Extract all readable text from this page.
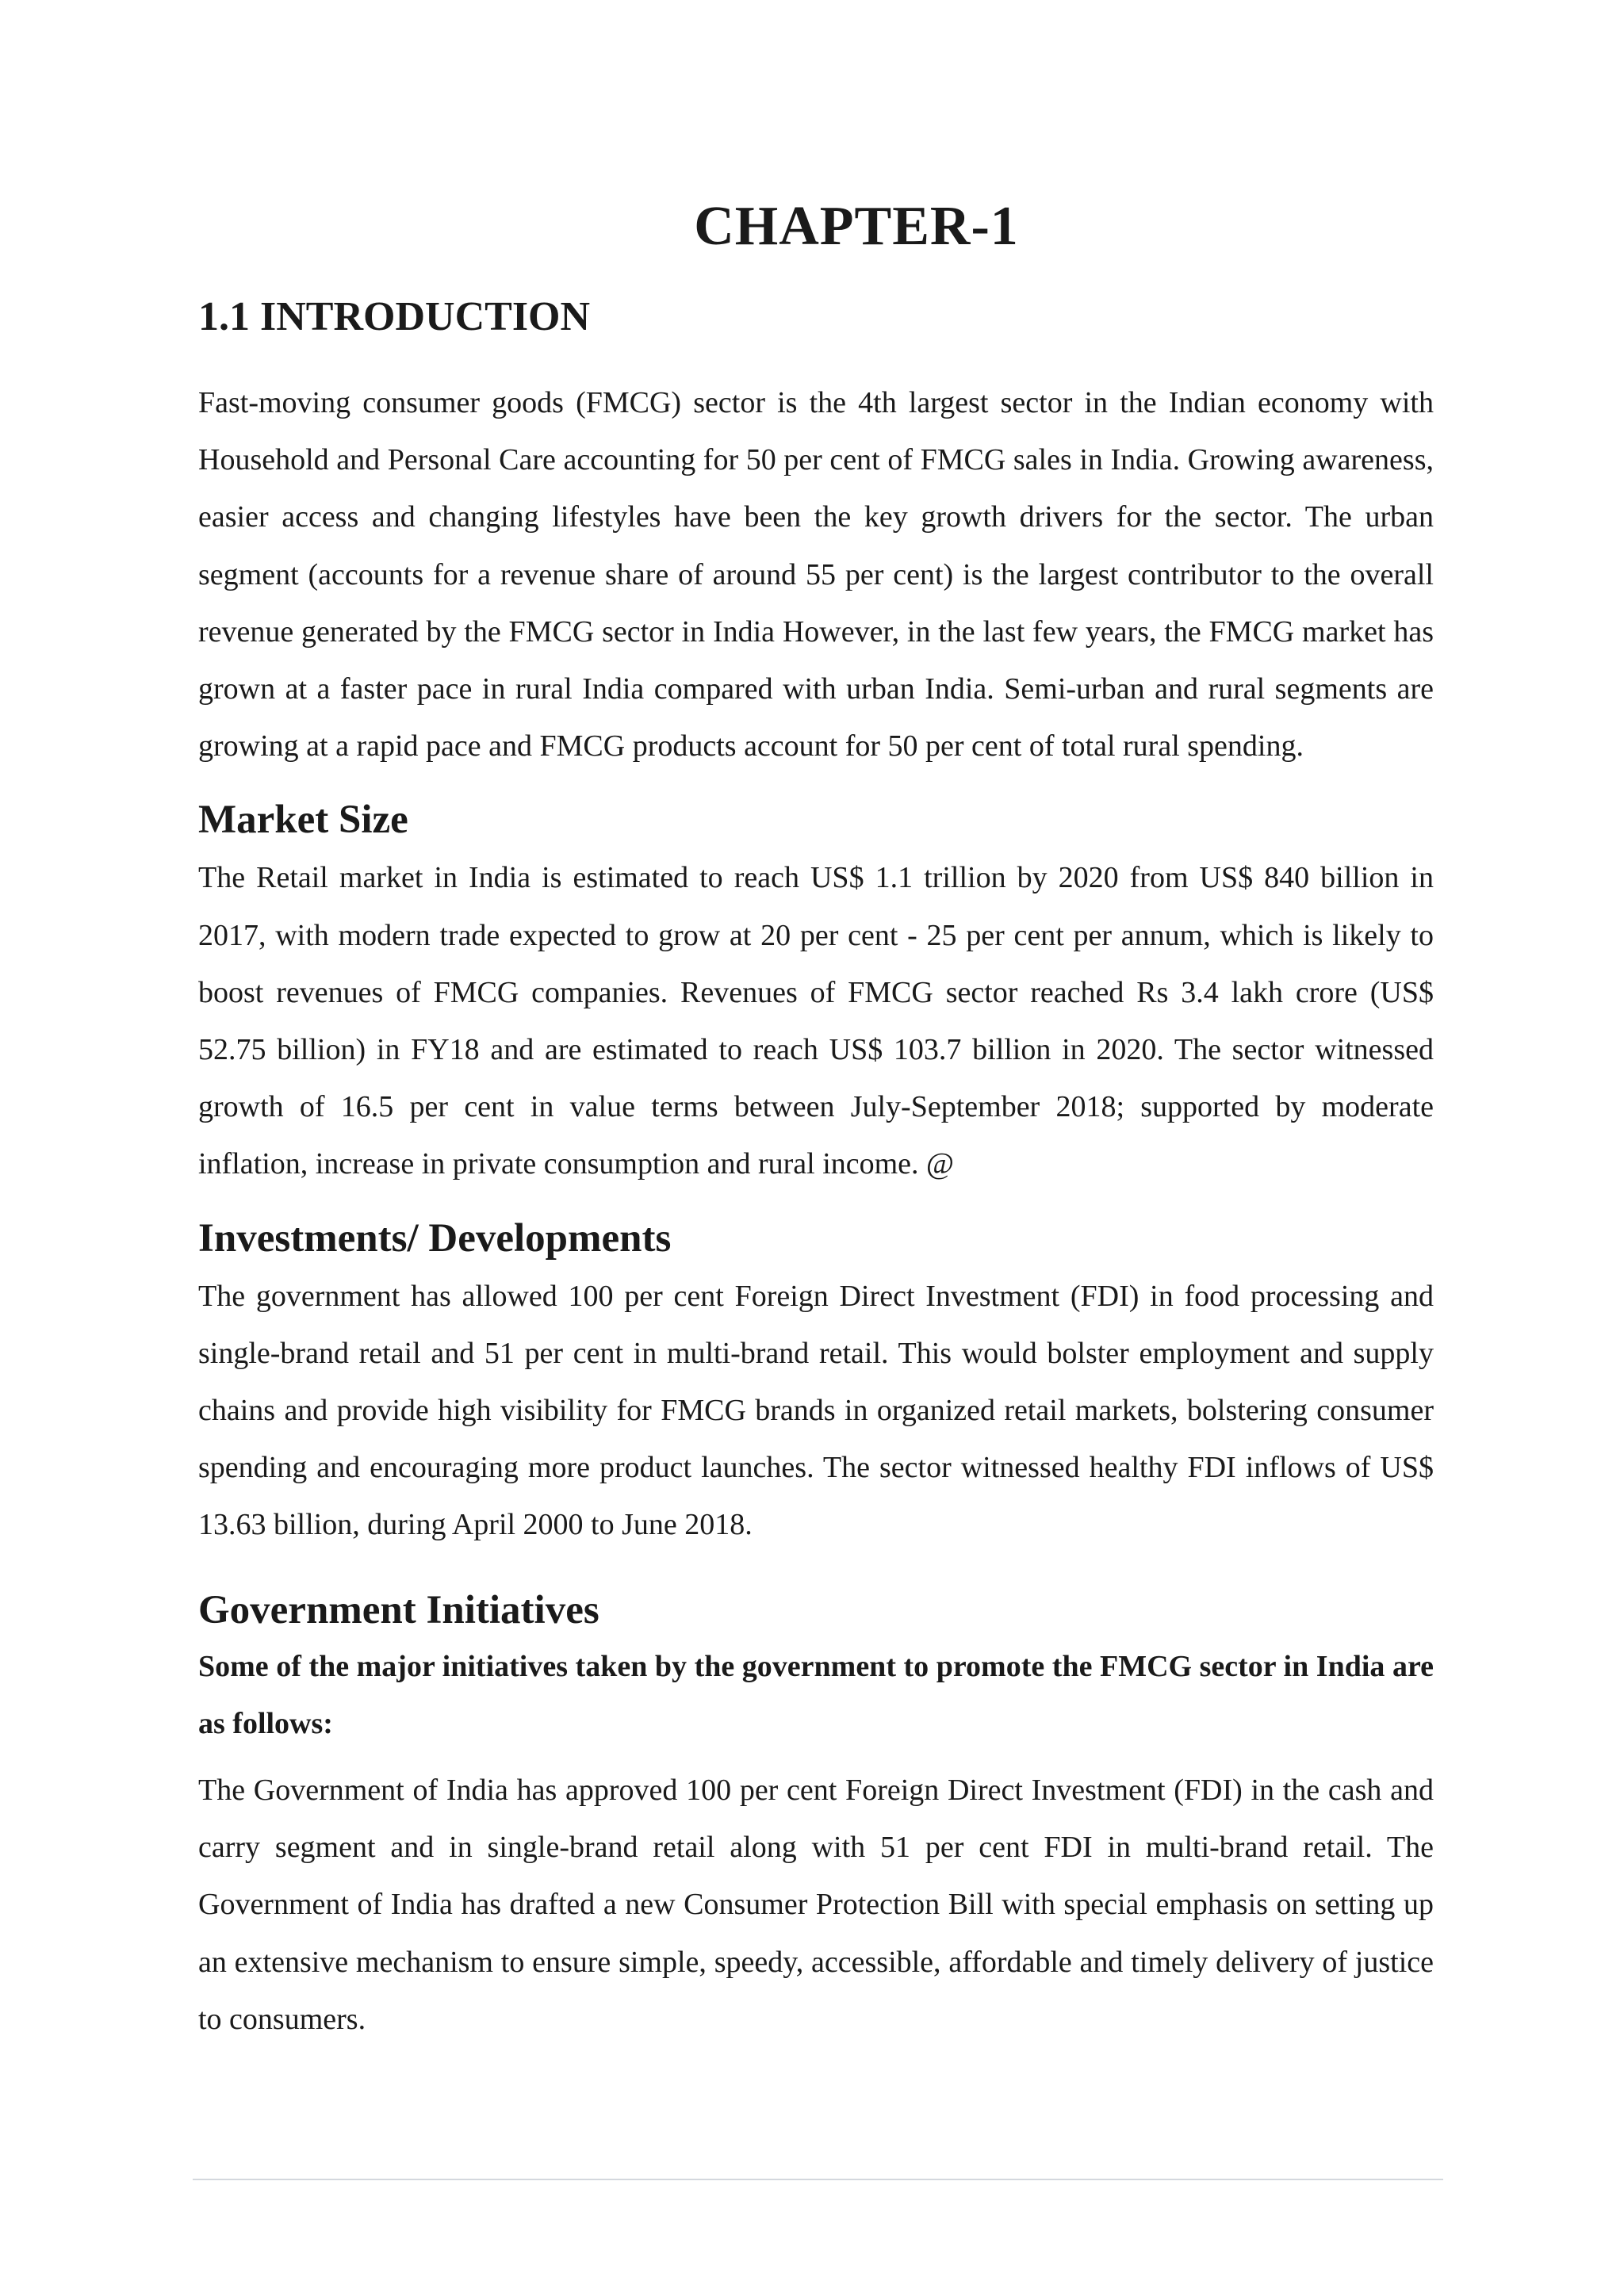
CHAPTER-1
1.1 INTRODUCTION

Fast-moving consumer goods (FMCG) sector is the 4th largest sector in the Indian economy with Household and Personal Care accounting for 50 per cent of FMCG sales in India. Growing awareness, easier access and changing lifestyles have been the key growth drivers for the sector. The urban segment (accounts for a revenue share of around 55 per cent) is the largest contributor to the overall revenue generated by the FMCG sector in India However, in the last few years, the FMCG market has grown at a faster pace in rural India compared with urban India. Semi-urban and rural segments are growing at a rapid pace and FMCG products account for 50 per cent of total rural spending.

Market Size

The Retail market in India is estimated to reach US$ 1.1 trillion by 2020 from US$ 840 billion in 2017, with modern trade expected to grow at 20 per cent - 25 per cent per annum, which is likely to boost revenues of FMCG companies. Revenues of FMCG sector reached Rs 3.4 lakh crore (US$ 52.75 billion) in FY18 and are estimated to reach US$ 103.7 billion in 2020. The sector witnessed growth of 16.5 per cent in value terms between July-September 2018; supported by moderate inflation, increase in private consumption and rural income. @

Investments/ Developments

The government has allowed 100 per cent Foreign Direct Investment (FDI) in food processing and single-brand retail and 51 per cent in multi-brand retail. This would bolster employment and supply chains and provide high visibility for FMCG brands in organized retail markets, bolstering consumer spending and encouraging more product launches. The sector witnessed healthy FDI inflows of US$ 13.63 billion, during April 2000 to June 2018.

Government Initiatives

Some of the major initiatives taken by the government to promote the FMCG sector in India are as follows:

The Government of India has approved 100 per cent Foreign Direct Investment (FDI) in the cash and carry segment and in single-brand retail along with 51 per cent FDI in multi-brand retail. The Government of India has drafted a new Consumer Protection Bill with special emphasis on setting up an extensive mechanism to ensure simple, speedy, accessible, affordable and timely delivery of justice to consumers.
